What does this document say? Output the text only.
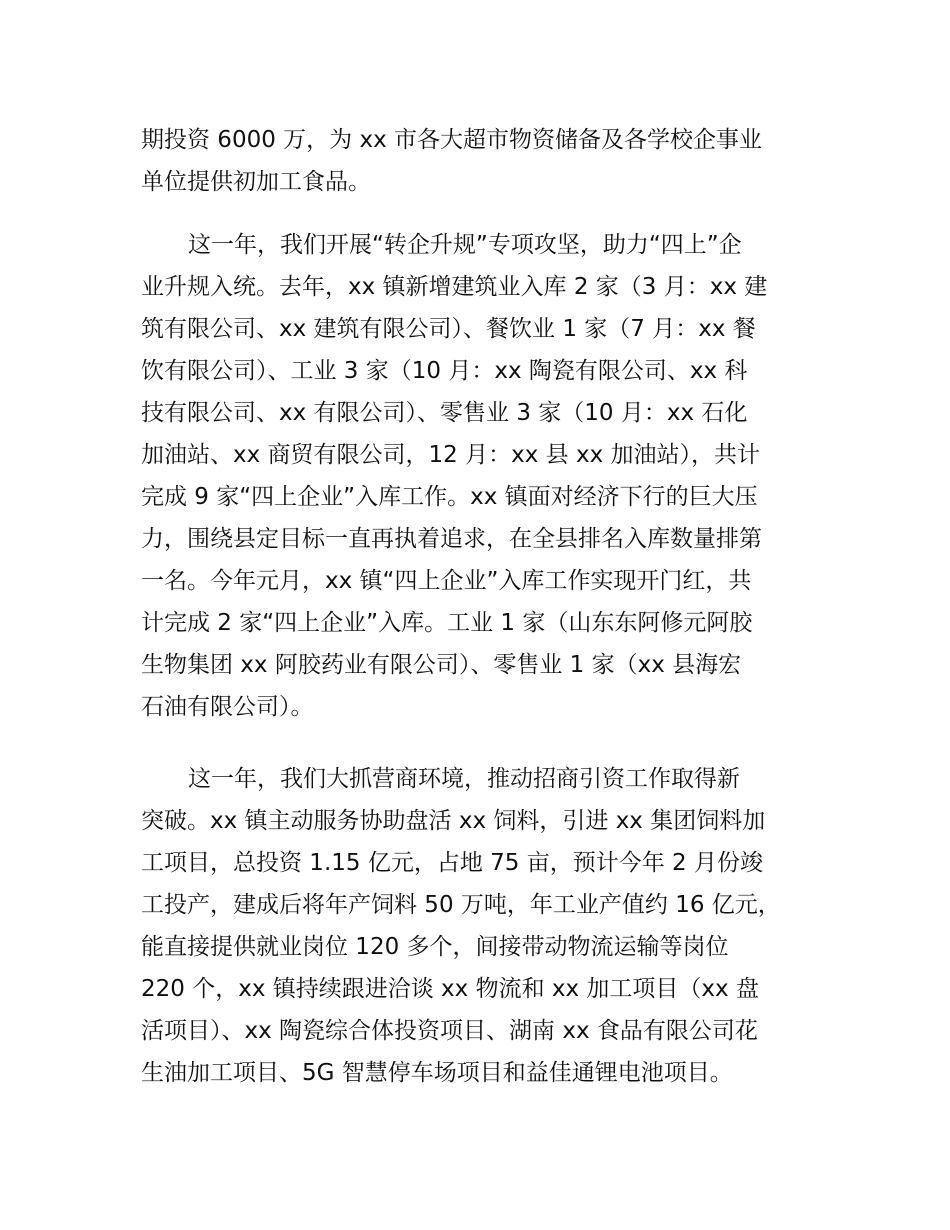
期投资 6000 万，为 xx 市各大超市物资储备及各学校企事业
单位提供初加工食品。
这一年，我们开展“转企升规”专项攻坚，助力“四上”企
业升规入统。去年，xx 镇新增建筑业入库 2 家（3 月：xx 建
筑有限公司、xx 建筑有限公司）、餐饮业 1 家（7 月：xx 餐
饮有限公司）、工业 3 家（10 月：xx 陶瓷有限公司、xx 科
技有限公司、xx 有限公司）、零售业 3 家（10 月：xx 石化
加油站、xx 商贸有限公司，12 月：xx 县 xx 加油站），共计
完成 9 家“四上企业”入库工作。xx 镇面对经济下行的巨大压
力，围绕县定目标一直再执着追求，在全县排名入库数量排第
一名。今年元月，xx 镇“四上企业”入库工作实现开门红，共
计完成 2 家“四上企业”入库。工业 1 家（山东东阿修元阿胶
生物集团 xx 阿胶药业有限公司）、零售业 1 家（xx 县海宏
石油有限公司）。
这一年，我们大抓营商环境，推动招商引资工作取得新
突破。xx 镇主动服务协助盘活 xx 饲料，引进 xx 集团饲料加
工项目，总投资 1.15 亿元，占地 75 亩，预计今年 2 月份竣
工投产，建成后将年产饲料 50 万吨，年工业产值约 16 亿元，
能直接提供就业岗位 120 多个，间接带动物流运输等岗位
220 个，xx 镇持续跟进洽谈 xx 物流和 xx 加工项目（xx 盘
活项目）、xx 陶瓷综合体投资项目、湖南 xx 食品有限公司花
生油加工项目、5G 智慧停车场项目和益佳通锂电池项目。
